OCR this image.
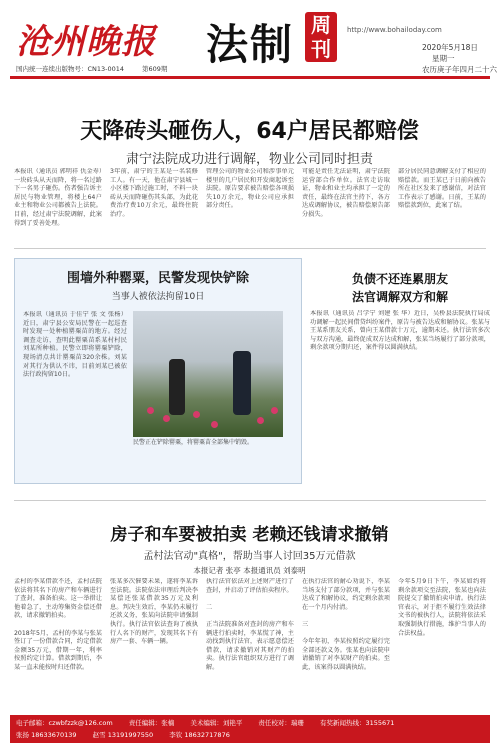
沧州晚报 法制 周
刊
http://www.bohailoday.com
2020年5月18日
星期一
农历庚子年四月二十六
国内统一连续出版物号：CN13-0014	第609期
天降砖头砸伤人，64户居民都赔偿
肃宁法院成功进行调解，物业公司同时担责
本报讯（通讯员 郭明祥 仇金寿）一块砖头从天而降，将一名过路下一名男子砸伤。伤者强告诉主居民与物业管理，将楼上64户业主和物业公司都被告上法院。目前，经过肃宁法院调解，此案得到了妥善处理。
3年前，肃宁的王某是一名装修工人。有一天，他在肃宁县城一小区楼下路过施工时，不料一块砖从天而降砸伤其头部，为此花费治疗费10万余元，最终住院治疗。
管理公司的物业公司和涉事单元楼里的几户居民和开发商起诉至法院。原告要求被告赔偿各项损失10万余元，物业公司应承担部分责任。
可能是责任无法证明，肃宁法院运营部合作单位。法官走访取证，物业和业主均承担了一定的责任，最终在法官主持下，各方达成调解协议，被告赔偿原告部分损失。
部分居民同意调解支付了相应的赔偿款。而王某已于日前向被告所在社区发来了感谢信，对法官工作表示了感谢。日前，王某的赔偿款到位，此案了结。
围墙外种罂粟，民警发现快铲除
当事人被依法拘留10日
本报讯（通讯员 于佳宁 张 文 张杨）近日，肃宁县公安局民警在一起巡查时发现一处种植罂粟苗的地方。经过调查走访，查明此罂粟苗系某村村民刘某所种植。民警立即将罂粟铲除，现场清点共计罂粟苗320余株。刘某对其行为供认不讳，目前刘某已被依法行政拘留10日。
民警正在铲除罂粟，将罂粟苗全部集中销毁。
负债不还连累朋友
法官调解双方和解
本报讯（通讯员 吕学宁 刘建 张 华）近日，吴桥县法院执行局成功调解一起民间借贷纠纷案件，原告与被告达成和解协议。张某与王某系朋友关系，曾向王某借款十万元，逾期未还。执行法官多次与双方沟通，最终促成双方达成和解，张某当场履行了部分款项，剩余款项分期归还，案件得以圆满执结。
房子和车要被拍卖 老赖还钱请求撤销
孟村法官动"真格"，帮助当事人讨回35万元借款
本报记者 张亭 本报通讯员 刘泰明
孟村的李某借款不还，孟村法院依法将其名下的房产和车辆进行了查封，准备拍卖。这一举措让他着急了，主动筹集资金偿还借款，请求撤销拍卖。

2018年5月，孟村的李某与张某签订了一份借款合同，约定借款金额35万元，借期一年，利率按照约定计算。借款到期后，李某一直未能按时归还借款。
张某多次催要未果，遂将李某诉至法院。法院依法审理后判决李某偿还张某借款35万元及利息。判决生效后，李某仍未履行还款义务，张某向法院申请强制执行。执行法官依法查询了被执行人名下的财产，发现其名下有房产一套、车辆一辆。
执行法官依法对上述财产进行了查封，并启动了评估拍卖程序。

二

正当法院准备对查封的房产和车辆进行拍卖时，李某慌了神，主动找到执行法官，表示愿意偿还借款，请求撤销对其财产的拍卖。执行法官组织双方进行了调解。
在执行法官的耐心劝说下，李某当场支付了部分款项，并与张某达成了和解协议，约定剩余款项在一个月内付清。

三

今年年初，李某按照约定履行完全部还款义务。张某也向法院申请撤销了对李某财产的拍卖。至此，该案得以圆满执结。
今年5月9日下午，李某如约将剩余款项交至法院，张某也向法院提交了撤销拍卖申请。执行法官表示，对于拒不履行生效法律文书的被执行人，法院将依法采取强制执行措施，维护当事人的合法权益。
电子邮箱：czwbfzzk@126.com 责任编辑：张楠 美术编辑：刘艳平 责任校对：瑞珊 有奖新闻热线：3155671
张扬 18633670139 赵雪 13191997550 李钦 18632717876
